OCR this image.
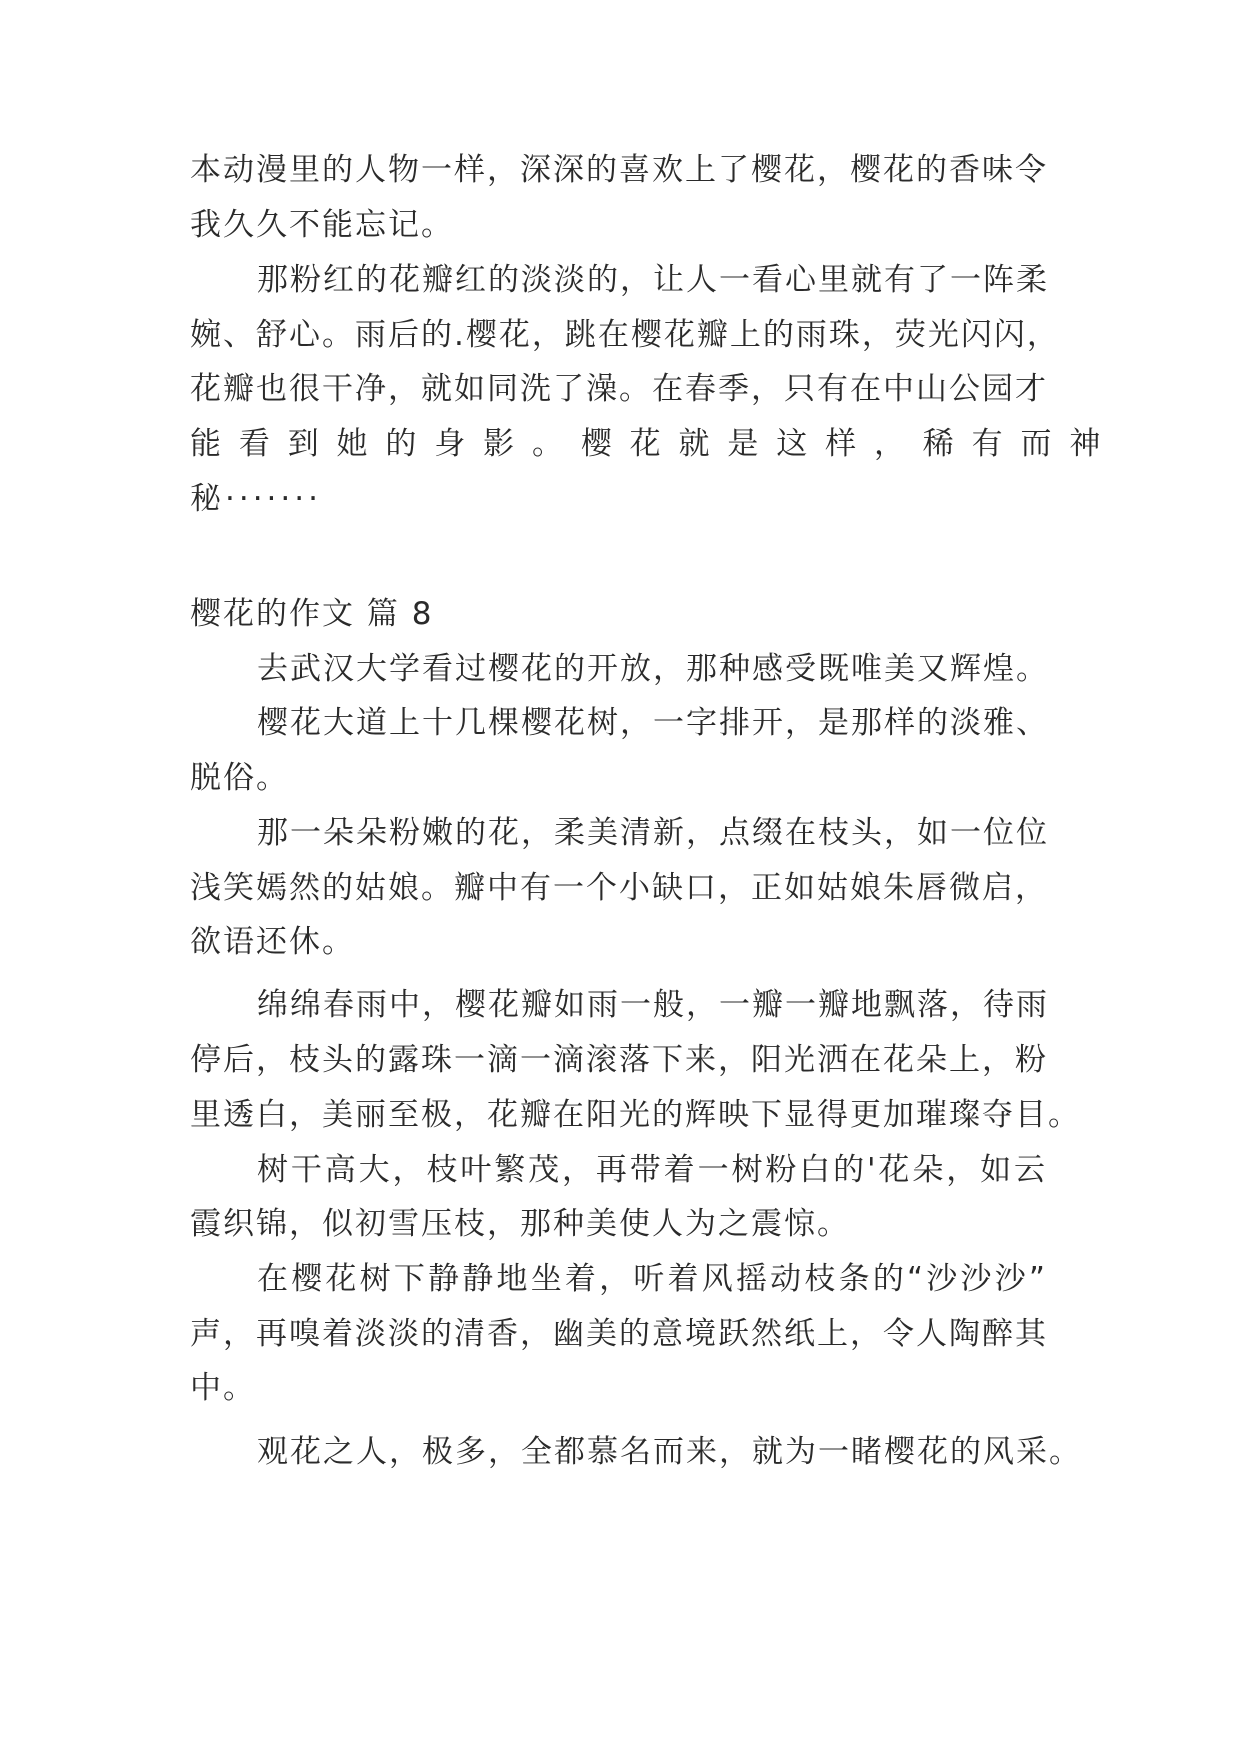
本动漫里的人物一样，深深的喜欢上了樱花，樱花的香味令
我久久不能忘记。
那粉红的花瓣红的淡淡的，让人一看心里就有了一阵柔
婉、舒心。雨后的.樱花，跳在樱花瓣上的雨珠，荧光闪闪，
花瓣也很干净，就如同洗了澡。在春季，只有在中山公园才
能 看 到 她 的 身 影 。 樱 花 就 是 这 样 ， 稀 有 而 神
秘·······
樱花的作文 篇 8
去武汉大学看过樱花的开放，那种感受既唯美又辉煌。
樱花大道上十几棵樱花树，一字排开，是那样的淡雅、
脱俗。
那一朵朵粉嫩的花，柔美清新，点缀在枝头，如一位位
浅笑嫣然的姑娘。瓣中有一个小缺口，正如姑娘朱唇微启，
欲语还休。
绵绵春雨中，樱花瓣如雨一般，一瓣一瓣地飘落，待雨
停后，枝头的露珠一滴一滴滚落下来，阳光洒在花朵上，粉
里透白，美丽至极，花瓣在阳光的辉映下显得更加璀璨夺目。
树干高大，枝叶繁茂，再带着一树粉白的'花朵，如云
霞织锦，似初雪压枝，那种美使人为之震惊。
在樱花树下静静地坐着，听着风摇动枝条的“沙沙沙”
声，再嗅着淡淡的清香，幽美的意境跃然纸上，令人陶醉其
中。
观花之人，极多，全都慕名而来，就为一睹樱花的风采。
